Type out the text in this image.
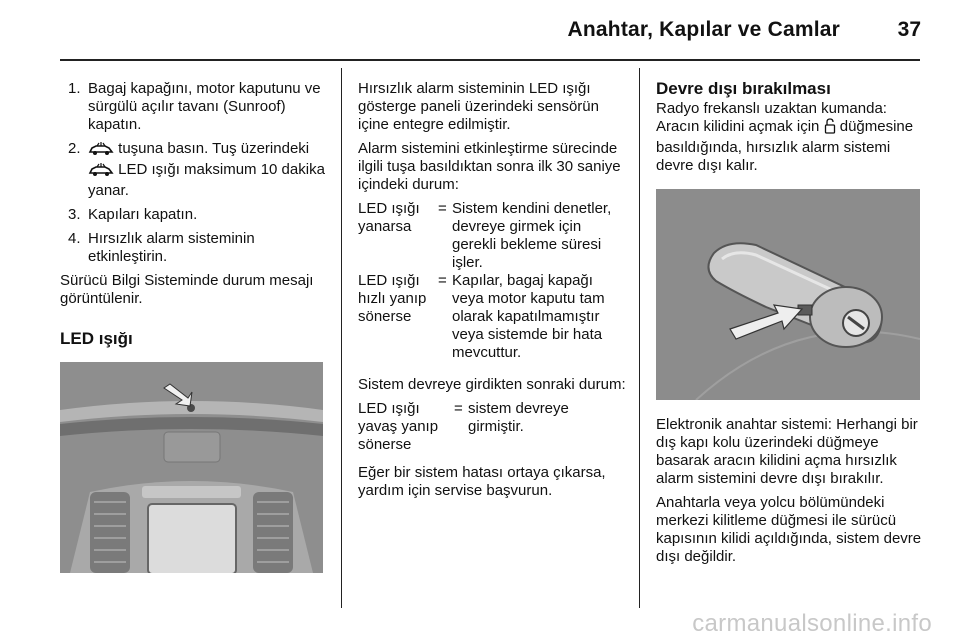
Anahtar, Kapılar ve Camlar	37
1. Bagaj kapağını, motor kaputunu ve sürgülü açılır tavanı (Sunroof) kapatın.
2.	tuşuna basın. Tuş üzerindeki
LED ışığı maksimum 10 dakika yanar.
3. Kapıları kapatın.
4. Hırsızlık alarm sisteminin etkinleştirin.

Sürücü Bilgi Sisteminde durum mesajı görüntülenir.

LED ışığı

Hırsızlık alarm sisteminin LED ışığı gösterge paneli üzerindeki sensörün içine entegre edilmiştir.

Alarm sistemini etkinleştirme sürecinde ilgili tuşa basıldıktan sonra ilk 30 saniye içindeki durum:

LED ışığı yanarsa	=	Sistem kendini denetler, devreye girmek için gerekli bekleme süresi işler.
LED ışığı hızlı yanıp sönerse	=	Kapılar, bagaj kapağı veya motor kaputu tam olarak kapatılmamıştır veya sistemde bir hata mevcuttur.

Sistem devreye girdikten sonraki durum:

LED ışığı yavaş yanıp sönerse	=	sistem devreye girmiştir.

Eğer bir sistem hatası ortaya çıkarsa, yardım için servise başvurun.

Devre dışı bırakılması

Radyo frekanslı uzaktan kumanda: Aracın kilidini açmak için düğmesine basıldığında, hırsızlık alarm sistemi devre dışı kalır.

Elektronik anahtar sistemi: Herhangi bir dış kapı kolu üzerindeki düğmeye basarak aracın kilidini açma hırsızlık alarm sistemini devre dışı bırakılır.

Anahtarla veya yolcu bölümündeki merkezi kilitleme düğmesi ile sürücü kapısının kilidi açıldığında, sistem devre dışı değildir.

carmanualsonline.info
